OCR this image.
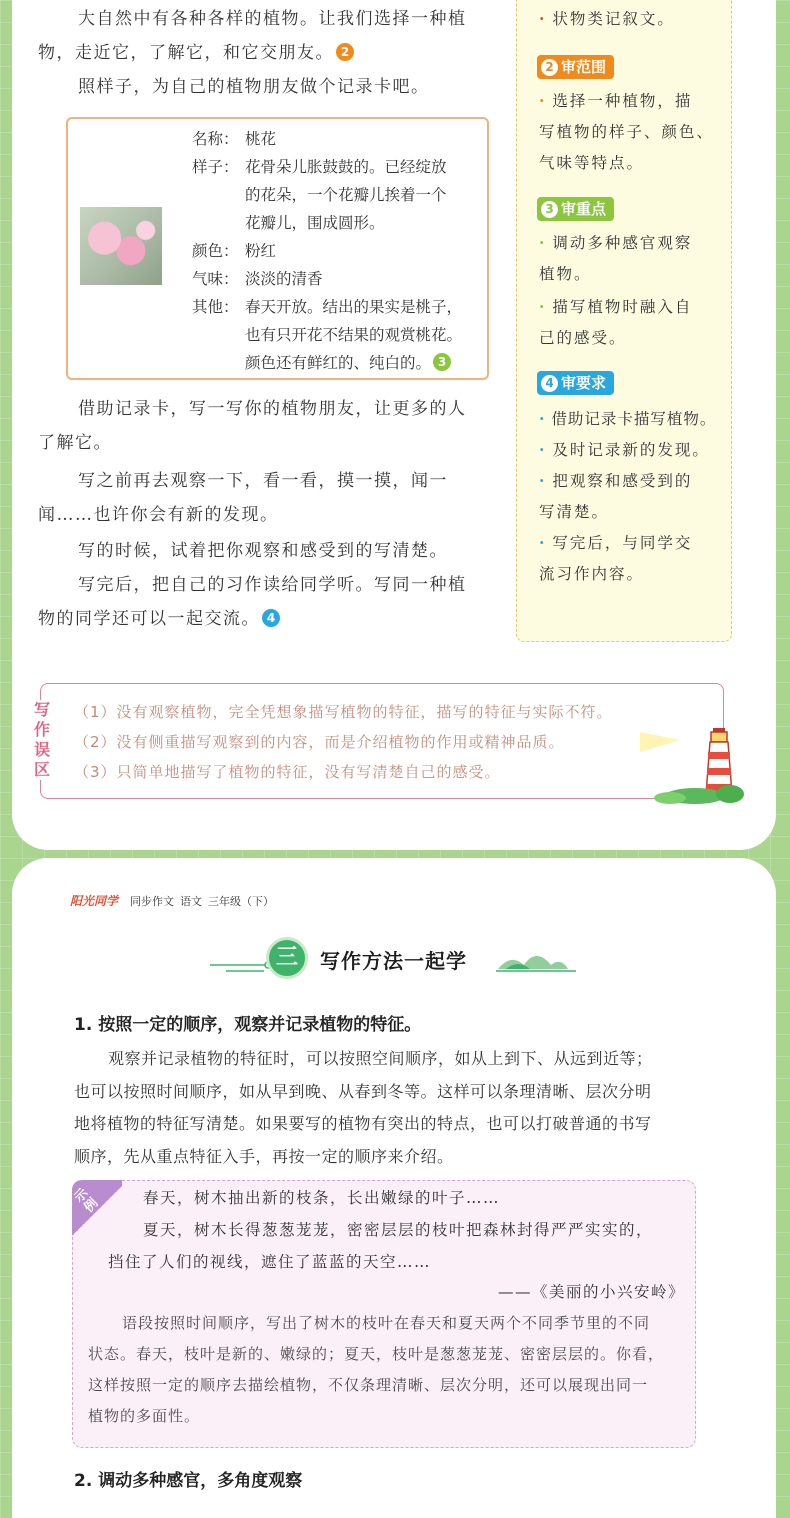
大自然中有各种各样的植物。让我们选择一种植
物，走近它，了解它，和它交朋友。 2
照样子，为自己的植物朋友做个记录卡吧。
名称： 桃花
样子： 花骨朵儿胀鼓鼓的。已经绽放
的花朵，一个花瓣儿挨着一个
花瓣儿，围成圆形。
颜色： 粉红
气味： 淡淡的清香
其他： 春天开放。结出的果实是桃子，
也有只开花不结果的观赏桃花。
颜色还有鲜红的、纯白的。 3
借助记录卡，写一写你的植物朋友，让更多的人
了解它。
写之前再去观察一下，看一看，摸一摸，闻一
闻……也许你会有新的发现。
写的时候，试着把你观察和感受到的写清楚。
写完后，把自己的习作读给同学听。写同一种植
物的同学还可以一起交流。 4
· 状物类记叙文。
2 审范围
· 选择一种植物，描
写植物的样子、颜色、
气味等特点。
3 审重点
· 调动多种感官观察
植物。
· 描写植物时融入自
己的感受。
4 审要求
· 借助记录卡描写植物。
· 及时记录新的发现。
· 把观察和感受到的
写清楚。
· 写完后，与同学交
流习作内容。
写
作
误
区
（1）没有观察植物，完全凭想象描写植物的特征，描写的特征与实际不符。
（2）没有侧重描写观察到的内容，而是介绍植物的作用或精神品质。
（3）只简单地描写了植物的特征，没有写清楚自己的感受。
阳光同学 同步作文 语文 三年级（下）
三	写作方法一起学
1. 按照一定的顺序，观察并记录植物的特征。
观察并记录植物的特征时，可以按照空间顺序，如从上到下、从远到近等；
也可以按照时间顺序，如从早到晚、从春到冬等。这样可以条理清晰、层次分明
地将植物的特征写清楚。如果要写的植物有突出的特点，也可以打破普通的书写
顺序，先从重点特征入手，再按一定的顺序来介绍。
示例	春天，树木抽出新的枝条，长出嫩绿的叶子……
夏天，树木长得葱葱茏茏，密密层层的枝叶把森林封得严严实实的，
挡住了人们的视线，遮住了蓝蓝的天空……
——《美丽的小兴安岭》
语段按照时间顺序，写出了树木的枝叶在春天和夏天两个不同季节里的不同
状态。春天，枝叶是新的、嫩绿的；夏天，枝叶是葱葱茏茏、密密层层的。你看，
这样按照一定的顺序去描绘植物，不仅条理清晰、层次分明，还可以展现出同一
植物的多面性。
2. 调动多种感官，多角度观察
